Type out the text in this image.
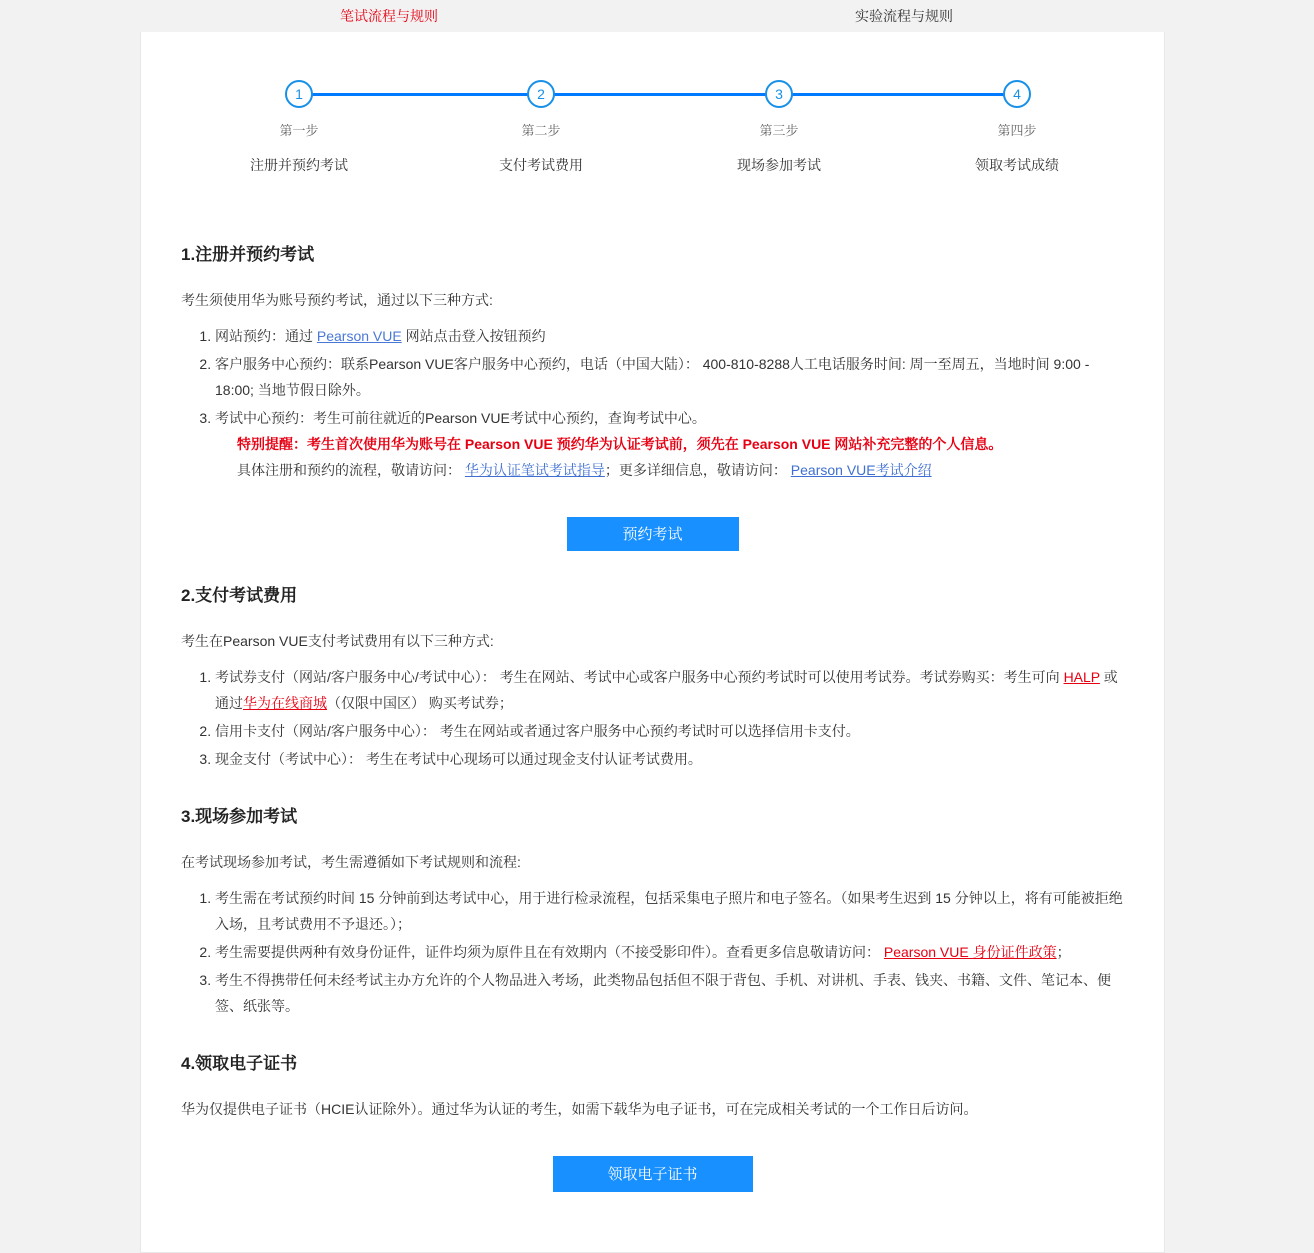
笔试流程与规则	实验流程与规则
1
第一步
注册并预约考试
2
第二步
支付考试费用
3
第三步
现场参加考试
4
第四步
领取考试成绩
1.注册并预约考试

考生须使用华为账号预约考试，通过以下三种方式:

1. 网站预约：通过 Pearson VUE 网站点击登入按钮预约
2. 客户服务中心预约：联系Pearson VUE客户服务中心预约，电话（中国大陆）： 400-810-8288人工电话服务时间: 周一至周五，当地时间 9:00 - 18:00; 当地节假日除外。
3. 考试中心预约：考生可前往就近的Pearson VUE考试中心预约，查询考试中心。
特别提醒：考生首次使用华为账号在 Pearson VUE 预约华为认证考试前，须先在 Pearson VUE 网站补充完整的个人信息。
具体注册和预约的流程，敬请访问： 华为认证笔试考试指导；更多详细信息，敬请访问： Pearson VUE考试介绍
预约考试
2.支付考试费用

考生在Pearson VUE支付考试费用有以下三种方式:

1. 考试券支付（网站/客户服务中心/考试中心）： 考生在网站、考试中心或客户服务中心预约考试时可以使用考试券。考试券购买：考生可向 HALP 或通过华为在线商城（仅限中国区） 购买考试券；
2. 信用卡支付（网站/客户服务中心）： 考生在网站或者通过客户服务中心预约考试时可以选择信用卡支付。
3. 现金支付（考试中心）： 考生在考试中心现场可以通过现金支付认证考试费用。
3.现场参加考试

在考试现场参加考试，考生需遵循如下考试规则和流程:

1. 考生需在考试预约时间 15 分钟前到达考试中心，用于进行检录流程，包括采集电子照片和电子签名。（如果考生迟到 15 分钟以上，将有可能被拒绝入场，且考试费用不予退还。）；
2. 考生需要提供两种有效身份证件，证件均须为原件且在有效期内（不接受影印件）。查看更多信息敬请访问： Pearson VUE 身份证件政策；
3. 考生不得携带任何未经考试主办方允许的个人物品进入考场，此类物品包括但不限于背包、手机、对讲机、手表、钱夹、书籍、文件、笔记本、便签、纸张等。
4.领取电子证书

华为仅提供电子证书（HCIE认证除外）。通过华为认证的考生，如需下载华为电子证书，可在完成相关考试的一个工作日后访问。

领取电子证书
